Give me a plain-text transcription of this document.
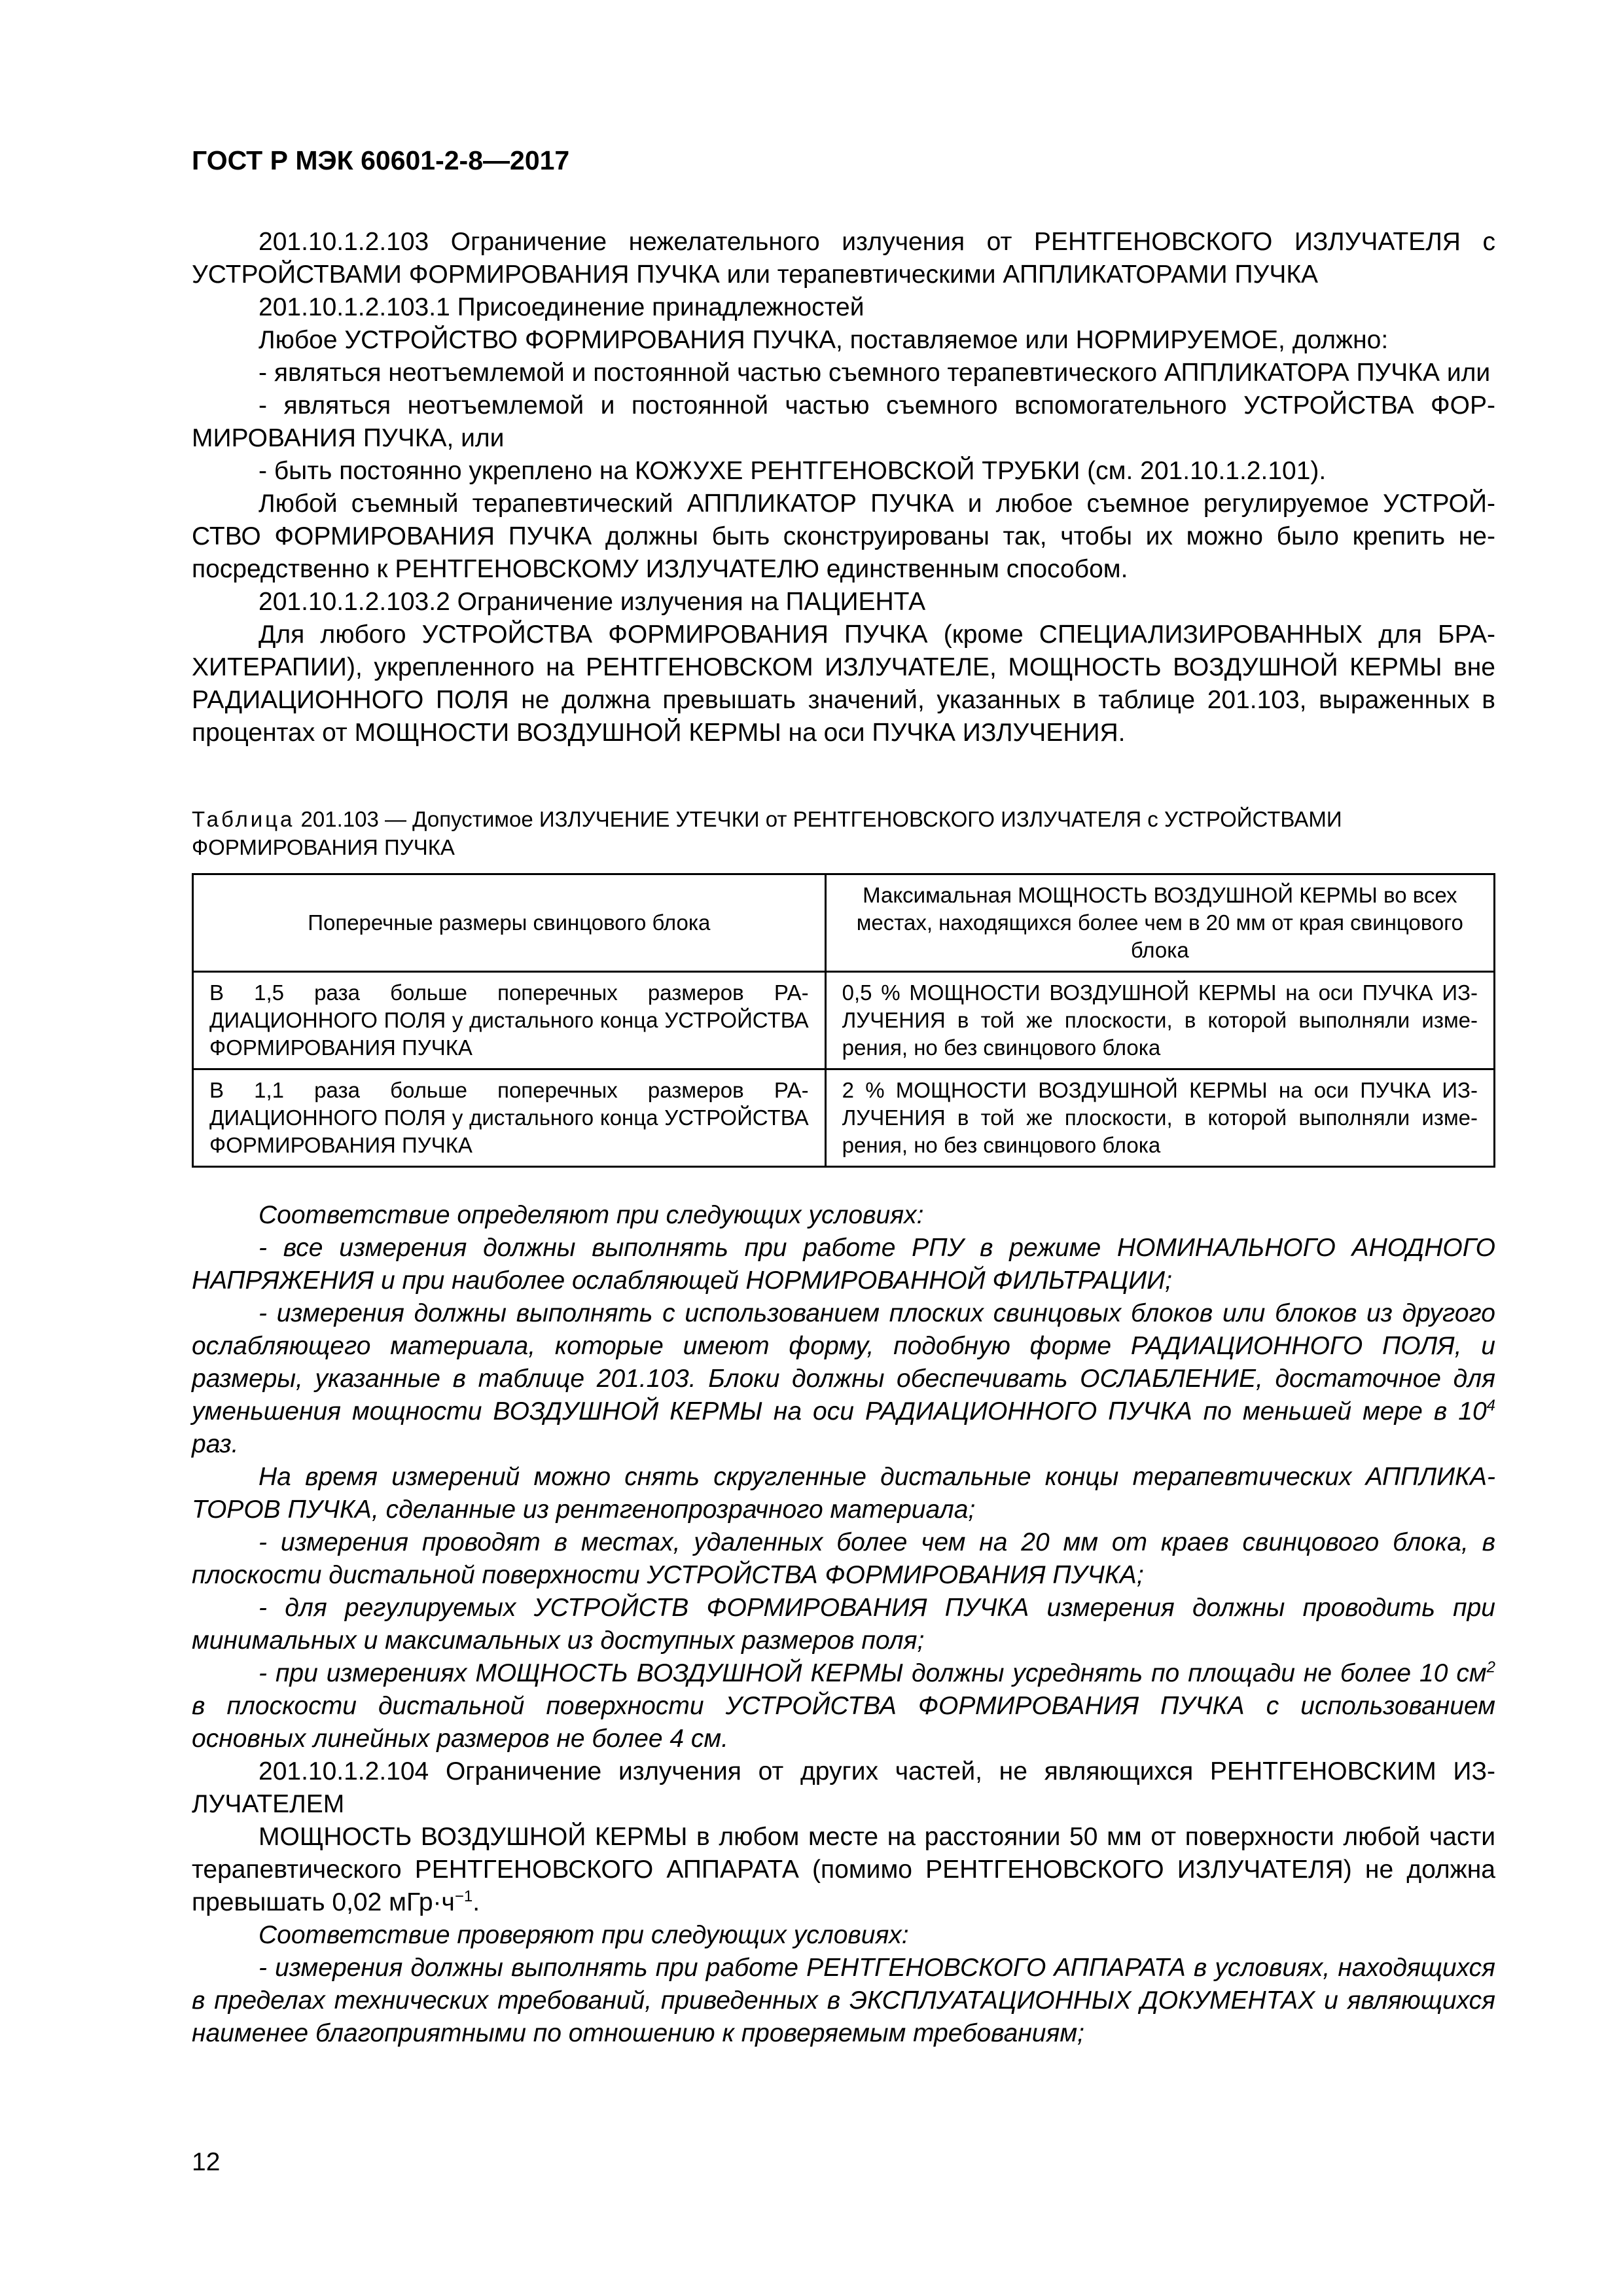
ГОСТ Р МЭК 60601-2-8—2017

201.10.1.2.103 Ограничение нежелательного излучения от РЕНТГЕНОВСКОГО ИЗЛУЧАТЕЛЯ с УСТРОЙСТВАМИ ФОРМИРОВАНИЯ ПУЧКА или терапевтическими АППЛИКАТОРАМИ ПУЧКА

201.10.1.2.103.1 Присоединение принадлежностей

Любое УСТРОЙСТВО ФОРМИРОВАНИЯ ПУЧКА, поставляемое или НОРМИРУЕМОЕ, должно:

- являться неотъемлемой и постоянной частью съемного терапевтического АППЛИКАТОРА ПУЧКА или

- являться неотъемлемой и постоянной частью съемного вспомогательного УСТРОЙСТВА ФОРМИРОВАНИЯ ПУЧКА, или

- быть постоянно укреплено на КОЖУХЕ РЕНТГЕНОВСКОЙ ТРУБКИ (см. 201.10.1.2.101).

Любой съемный терапевтический АППЛИКАТОР ПУЧКА и любое съемное регулируемое УСТРОЙСТВО ФОРМИРОВАНИЯ ПУЧКА должны быть сконструированы так, чтобы их можно было крепить непосредственно к РЕНТГЕНОВСКОМУ ИЗЛУЧАТЕЛЮ единственным способом.

201.10.1.2.103.2 Ограничение излучения на ПАЦИЕНТА

Для любого УСТРОЙСТВА ФОРМИРОВАНИЯ ПУЧКА (кроме СПЕЦИАЛИЗИРОВАННЫХ для БРАХИТЕРАПИИ), укрепленного на РЕНТГЕНОВСКОМ ИЗЛУЧАТЕЛЕ, МОЩНОСТЬ ВОЗДУШНОЙ КЕРМЫ вне РАДИАЦИОННОГО ПОЛЯ не должна превышать значений, указанных в таблице 201.103, выраженных в процентах от МОЩНОСТИ ВОЗДУШНОЙ КЕРМЫ на оси ПУЧКА ИЗЛУЧЕНИЯ.

Таблица 201.103 — Допустимое ИЗЛУЧЕНИЕ УТЕЧКИ от РЕНТГЕНОВСКОГО ИЗЛУЧАТЕЛЯ с УСТРОЙСТВАМИ ФОРМИРОВАНИЯ ПУЧКА

Поперечные размеры свинцового блока	Максимальная МОЩНОСТЬ ВОЗДУШНОЙ КЕРМЫ во всех местах, находящихся более чем в 20 мм от края свинцового блока
В 1,5 раза больше поперечных размеров РАДИАЦИОННОГО ПОЛЯ у дистального конца УСТРОЙСТВА ФОРМИРОВАНИЯ ПУЧКА	0,5 % МОЩНОСТИ ВОЗДУШНОЙ КЕРМЫ на оси ПУЧКА ИЗЛУЧЕНИЯ в той же плоскости, в которой выполняли измерения, но без свинцового блока
В 1,1 раза больше поперечных размеров РАДИАЦИОННОГО ПОЛЯ у дистального конца УСТРОЙСТВА ФОРМИРОВАНИЯ ПУЧКА	2 % МОЩНОСТИ ВОЗДУШНОЙ КЕРМЫ на оси ПУЧКА ИЗЛУЧЕНИЯ в той же плоскости, в которой выполняли измерения, но без свинцового блока

Соответствие определяют при следующих условиях:

- все измерения должны выполнять при работе РПУ в режиме НОМИНАЛЬНОГО АНОДНОГО НАПРЯЖЕНИЯ и при наиболее ослабляющей НОРМИРОВАННОЙ ФИЛЬТРАЦИИ;

- измерения должны выполнять с использованием плоских свинцовых блоков или блоков из другого ослабляющего материала, которые имеют форму, подобную форме РАДИАЦИОННОГО ПОЛЯ, и размеры, указанные в таблице 201.103. Блоки должны обеспечивать ОСЛАБЛЕНИЕ, достаточное для уменьшения мощности ВОЗДУШНОЙ КЕРМЫ на оси РАДИАЦИОННОГО ПУЧКА по меньшей мере в $10^4$ раз.

На время измерений можно снять скругленные дистальные концы терапевтических АППЛИКАТОРОВ ПУЧКА, сделанные из рентгенопрозрачного материала;

- измерения проводят в местах, удаленных более чем на 20 мм от краев свинцового блока, в плоскости дистальной поверхности УСТРОЙСТВА ФОРМИРОВАНИЯ ПУЧКА;

- для регулируемых УСТРОЙСТВ ФОРМИРОВАНИЯ ПУЧКА измерения должны проводить при минимальных и максимальных из доступных размеров поля;

- при измерениях МОЩНОСТЬ ВОЗДУШНОЙ КЕРМЫ должны усреднять по площади не более 10 $см^2$ в плоскости дистальной поверхности УСТРОЙСТВА ФОРМИРОВАНИЯ ПУЧКА с использованием основных линейных размеров не более 4 см.

201.10.1.2.104 Ограничение излучения от других частей, не являющихся РЕНТГЕНОВСКИМ ИЗЛУЧАТЕЛЕМ

МОЩНОСТЬ ВОЗДУШНОЙ КЕРМЫ в любом месте на расстоянии 50 мм от поверхности любой части терапевтического РЕНТГЕНОВСКОГО АППАРАТА (помимо РЕНТГЕНОВСКОГО ИЗЛУЧАТЕЛЯ) не должна превышать 0,02 $мГр\cdot ч^{-1}$.

Соответствие проверяют при следующих условиях:

- измерения должны выполнять при работе РЕНТГЕНОВСКОГО АППАРАТА в условиях, находящихся в пределах технических требований, приведенных в ЭКСПЛУАТАЦИОННЫХ ДОКУМЕНТАХ и являющихся наименее благоприятными по отношению к проверяемым требованиям;

12
